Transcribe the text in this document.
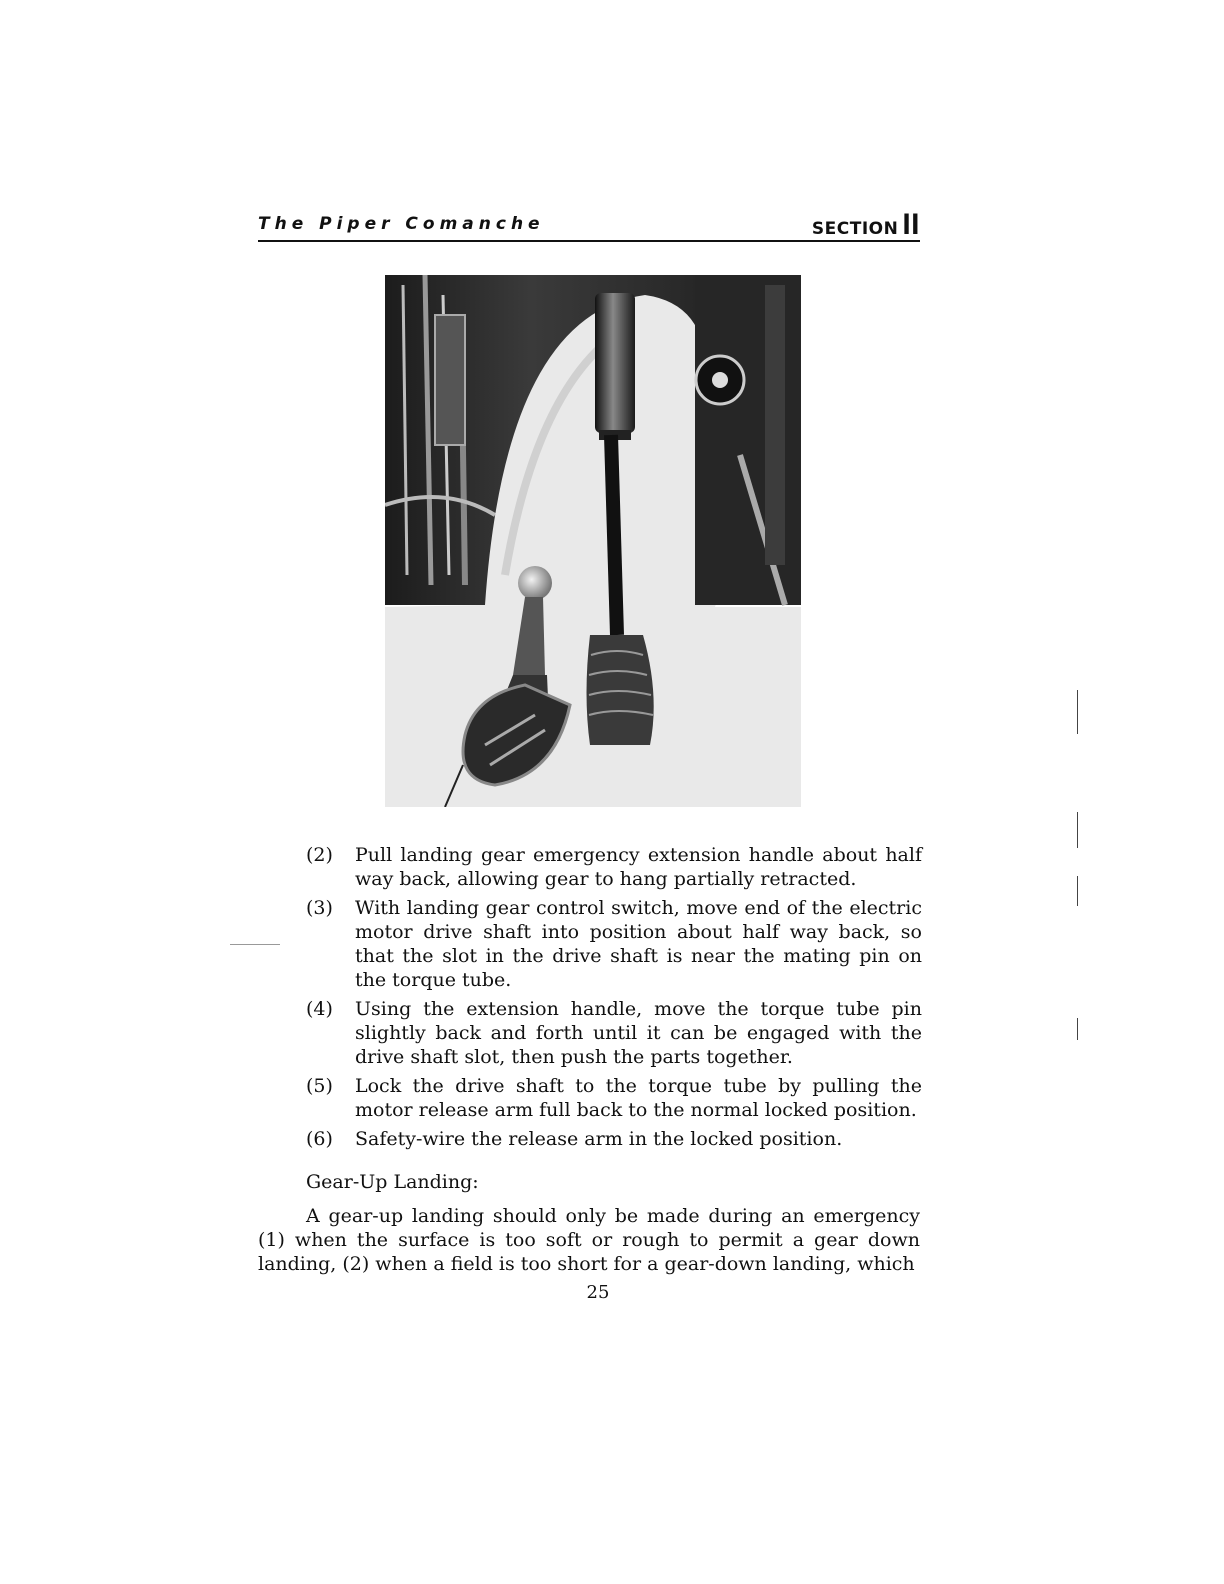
The Piper Comanche	SECTION II
(2) Pull landing gear emergency extension handle about half way back, allowing gear to hang partially retracted.
(3) With landing gear control switch, move end of the electric motor drive shaft into position about half way back, so that the slot in the drive shaft is near the mating pin on the torque tube.
(4) Using the extension handle, move the torque tube pin slightly back and forth until it can be engaged with the drive shaft slot, then push the parts together.
(5) Lock the drive shaft to the torque tube by pulling the motor release arm full back to the normal locked position.
(6) Safety-wire the release arm in the locked position.
Gear-Up Landing:
A gear-up landing should only be made during an emergency (1) when the surface is too soft or rough to permit a gear down landing, (2) when a field is too short for a gear-down landing, which
25
